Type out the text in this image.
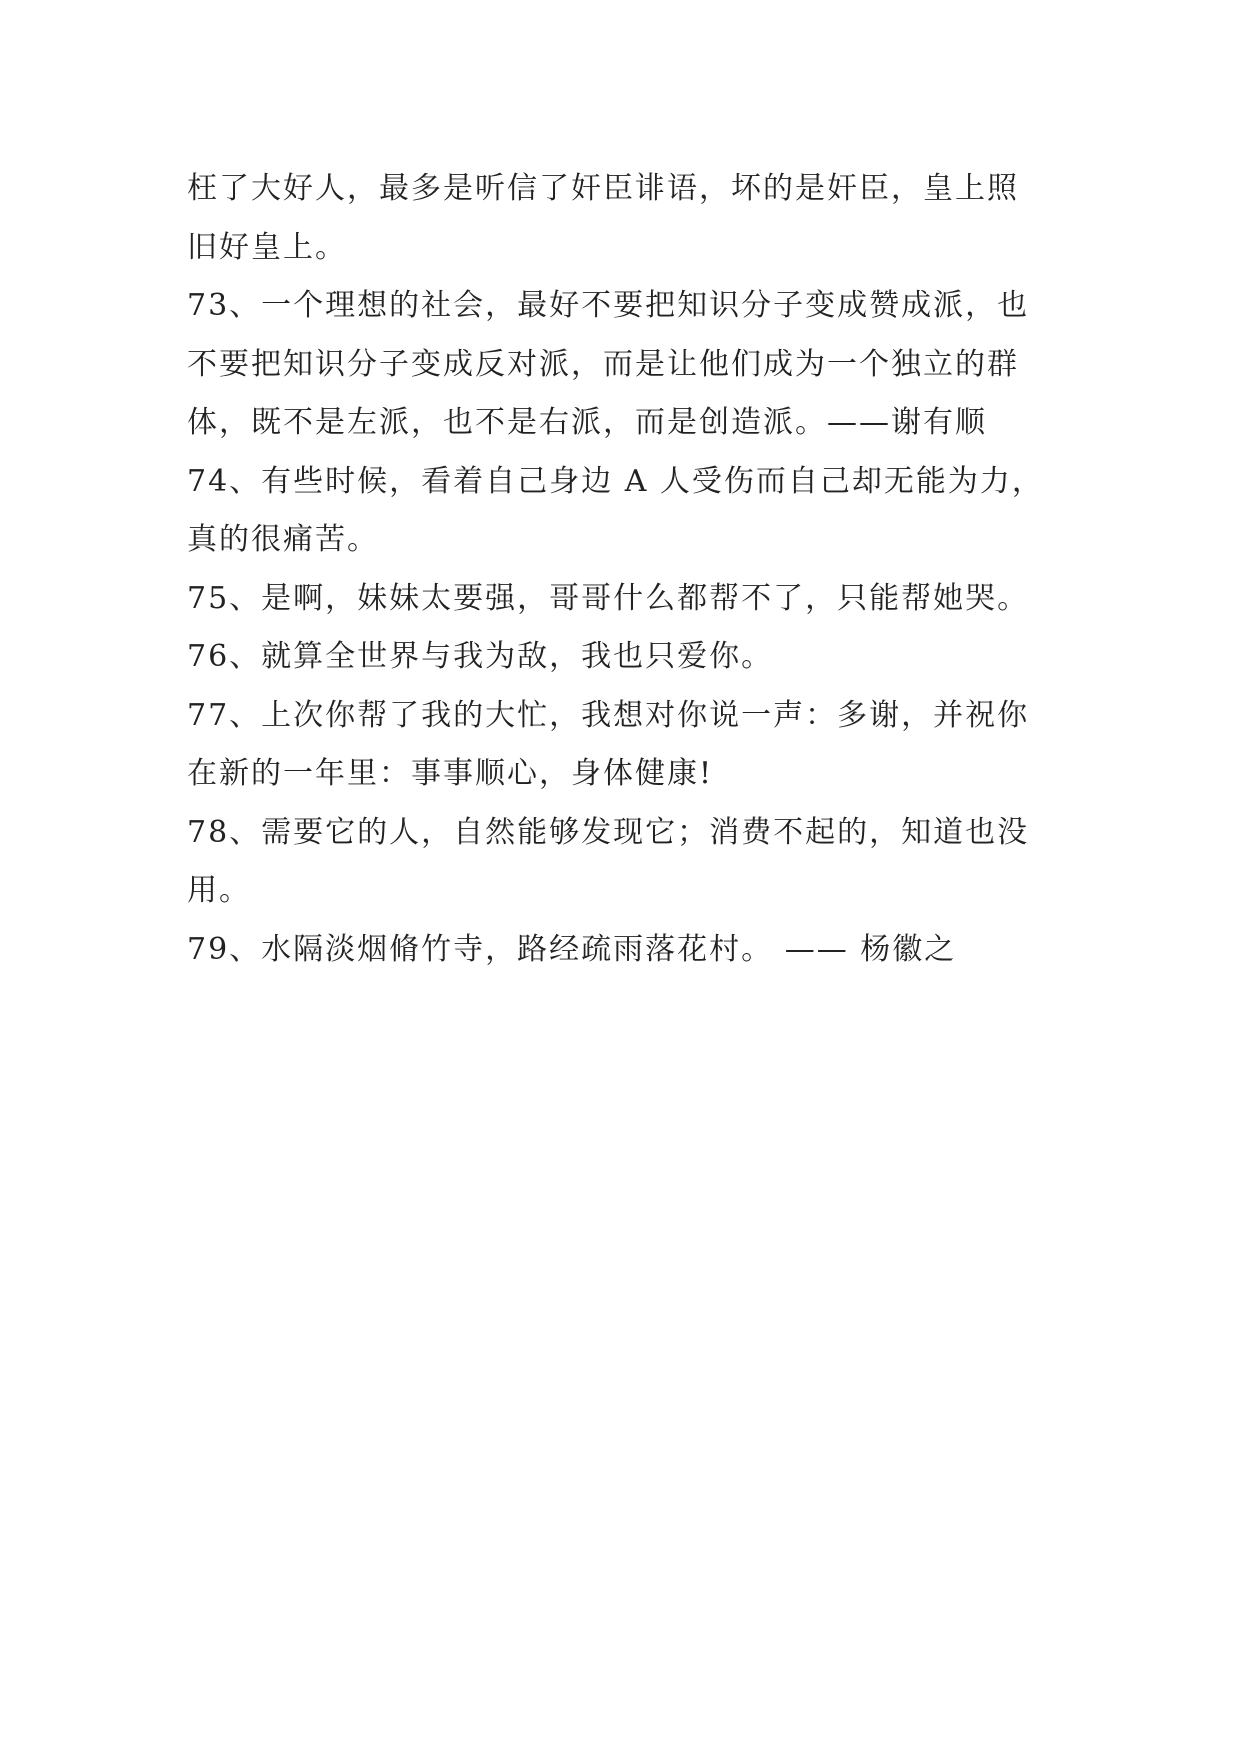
枉了大好人，最多是听信了奸臣诽语，坏的是奸臣，皇上照
旧好皇上。
73、一个理想的社会，最好不要把知识分子变成赞成派，也
不要把知识分子变成反对派，而是让他们成为一个独立的群
体，既不是左派，也不是右派，而是创造派。——谢有顺
74、有些时候，看着自己身边 A 人受伤而自己却无能为力，
真的很痛苦。
75、是啊，妹妹太要强，哥哥什么都帮不了，只能帮她哭。
76、就算全世界与我为敌，我也只爱你。
77、上次你帮了我的大忙，我想对你说一声：多谢，并祝你
在新的一年里：事事顺心，身体健康!
78、需要它的人，自然能够发现它；消费不起的，知道也没
用。
79、水隔淡烟脩竹寺，路经疏雨落花村。 —— 杨徽之
